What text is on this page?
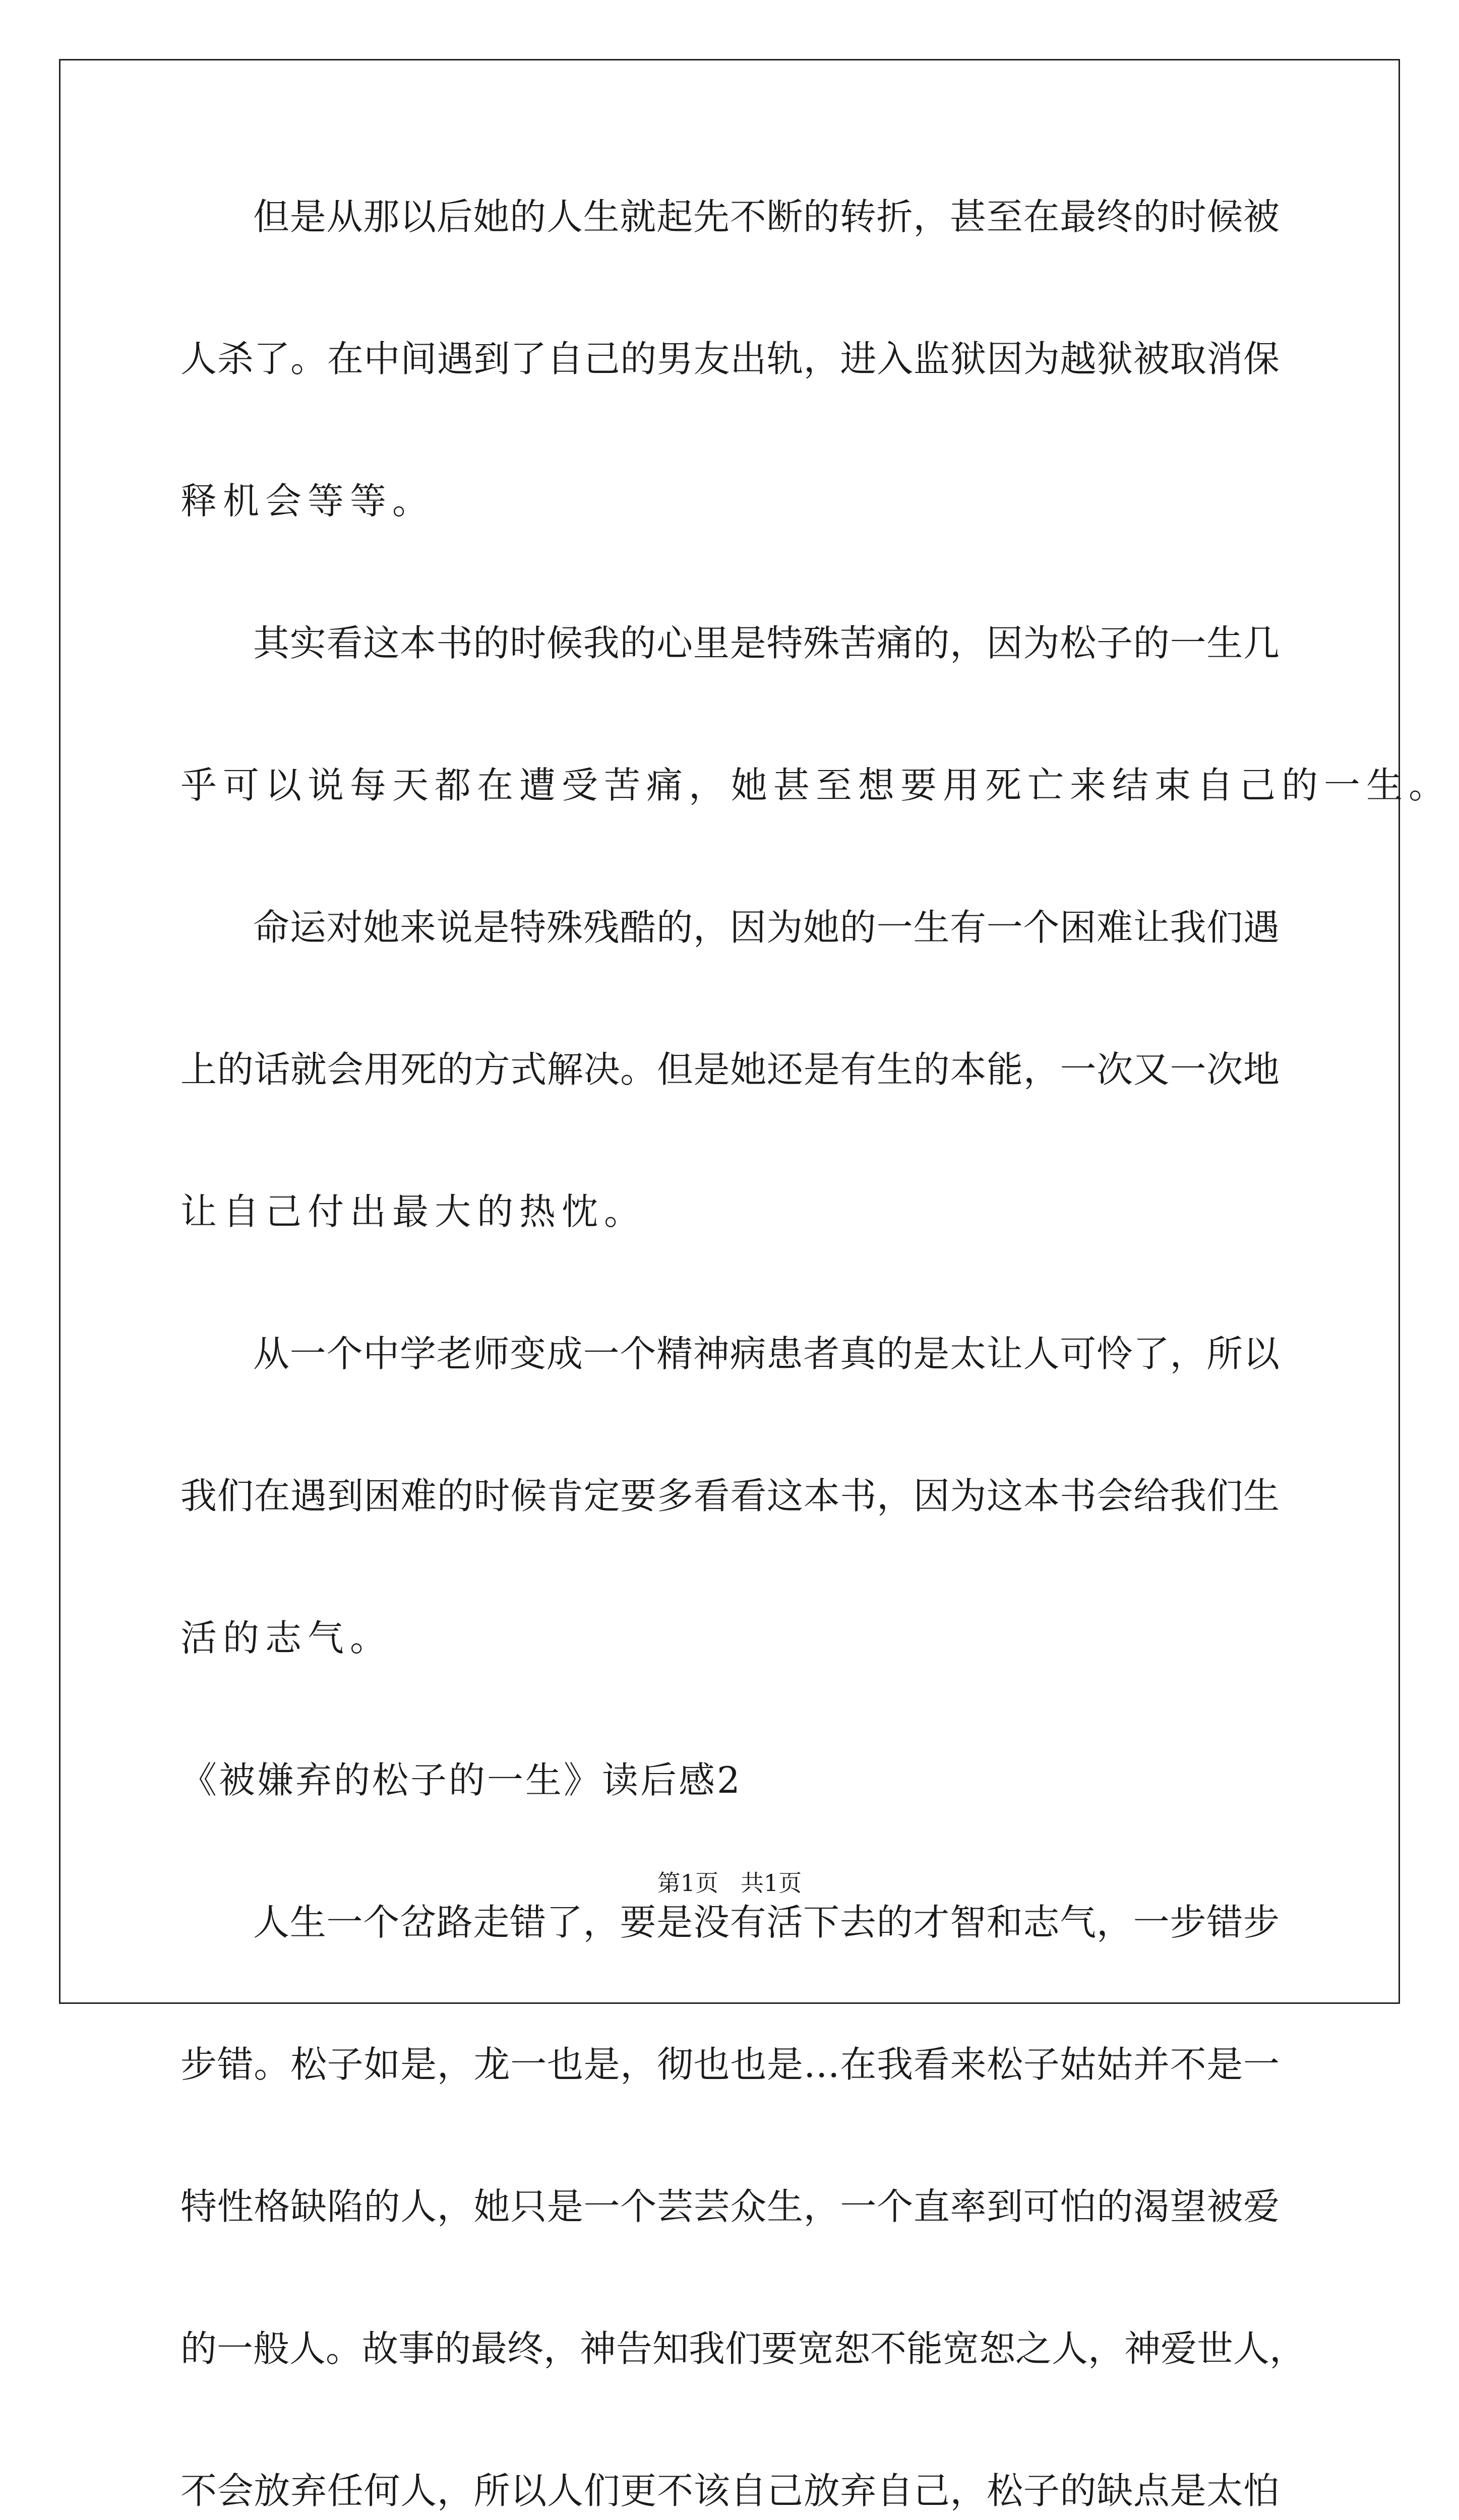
但是从那以后她的人生就起先不断的转折，甚至在最终的时候被
人杀了。在中间遇到了自己的男友出轨，进入监狱因为越狱被取消保
释机会等等。
其实看这本书的时候我的心里是特殊苦痛的，因为松子的一生几
乎可以说每天都在遭受苦痛，她甚至想要用死亡来结束自己的一生。
命运对她来说是特殊残酷的，因为她的一生有一个困难让我们遇
上的话就会用死的方式解决。但是她还是有生的本能，一次又一次地
让自己付出最大的热忱。
从一个中学老师变成一个精神病患者真的是太让人可怜了，所以
我们在遇到困难的时候肯定要多看看这本书，因为这本书会给我们生
活的志气。
《被嫌弃的松子的一生》读后感2
人生一个岔路走错了，要是没有活下去的才智和志气，一步错步
步错。松子如是，龙一也是，彻也也是…在我看来松子姑姑并不是一
特性格缺陷的人，她只是一个芸芸众生，一个直率到可怕的渴望被爱
的一般人。故事的最终，神告知我们要宽恕不能宽恕之人，神爱世人，
不会放弃任何人，所以人们更不该自己放弃自己，松子的缺点是太怕
第1页   共1页
